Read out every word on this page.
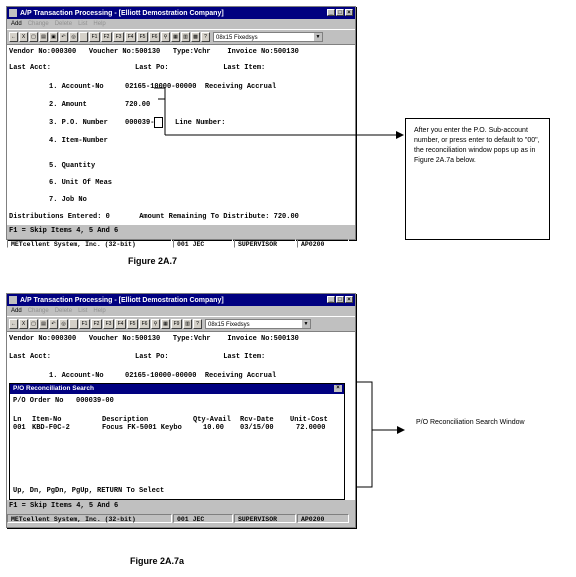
A/P Transaction Processing - [Elliott Demostration Company]	_ □ ×
Add Change Delete List Help
←	X	▢	▤	▣	↶	◎	F1	F2	F3	F4	F5	F6	⚲	▦	▥	▩	?	08x15 Fixedsys	▼
Vendor No:000300   Voucher No:500130   Type:Vchr    Invoice No:500130
Last Acct:                    Last Po:             Last Item:
1. Account-No	02165-10000-00000  Receiving Accrual
2. Amount	720.00
3. P.O. Number 000039-	Line Number:
4. Item-Number
5. Quantity
6. Unit Of Meas
7. Job No
Distributions Entered: 0       Amount Remaining To Distribute: 720.00
F1 = Skip Items 4, 5 And 6
METcellent System, Inc. (32-bit)	001 JEC	SUPERVISOR	AP0200
After you enter the P.O. Sub-account number, or press enter to default to "00", the reconciliation window pops up as in Figure 2A.7a below.
Figure 2A.7
A/P Transaction Processing - [Elliott Demostration Company]	_ □ ×
Add Change Delete List Help
←	X	▢	▤	↶	◎	F1	F2	F3	F4	F5	F6	⚲	▦	F9	▥	?	08x15 Fixedsys	▼
Vendor No:000300   Voucher No:500130   Type:Vchr    Invoice No:500130
Last Acct:                    Last Po:             Last Item:
1. Account-No	02165-10000-00000  Receiving Accrual
P/O Reconciliation Search	×
P/O Order No   000039-00
Ln Item-No	Description	Qty-Avail Rcv-Date Unit-Cost
001 KBD-F0C-2	Focus FK-5001 Keybo	10.00 03/15/00	72.0000
Up, Dn, PgDn, PgUp, RETURN To Select
F1 = Skip Items 4, 5 And 6
METcellent System, Inc. (32-bit)	001 JEC	SUPERVISOR	AP0200
P/O Reconciliation Search Window
Figure 2A.7a
